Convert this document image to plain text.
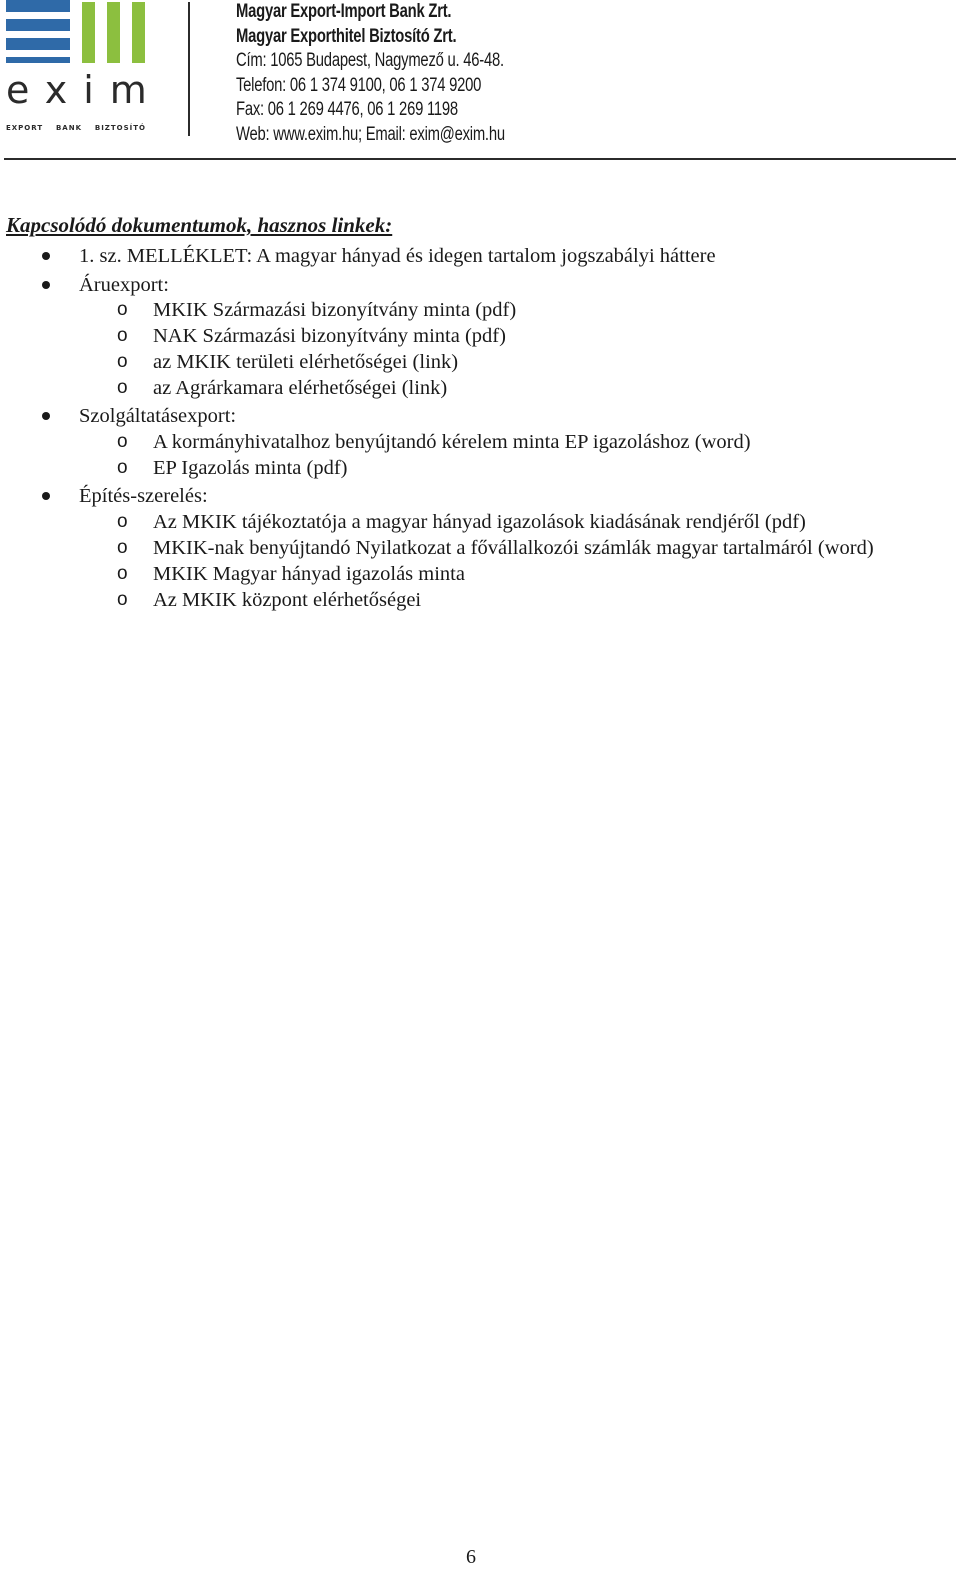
exim
EXPORT BANK BIZTOSÍTÓ
Magyar Export-Import Bank Zrt.
Magyar Exporthitel Biztosító Zrt.
Cím: 1065 Budapest, Nagymező u. 46-48.
Telefon: 06 1 374 9100, 06 1 374 9200
Fax: 06 1 269 4476, 06 1 269 1198
Web: www.exim.hu; Email: exim@exim.hu
Kapcsolódó dokumentumok, hasznos linkek:
1. sz. MELLÉKLET: A magyar hányad és idegen tartalom jogszabályi háttere
Áruexport:
o MKIK Származási bizonyítvány minta (pdf)
o NAK Származási bizonyítvány minta (pdf)
o az MKIK területi elérhetőségei (link)
o az Agrárkamara elérhetőségei (link)
Szolgáltatásexport:
o A kormányhivatalhoz benyújtandó kérelem minta EP igazoláshoz (word)
o EP Igazolás minta (pdf)
Építés-szerelés:
o Az MKIK tájékoztatója a magyar hányad igazolások kiadásának rendjéről (pdf)
o MKIK-nak benyújtandó Nyilatkozat a fővállalkozói számlák magyar tartalmáról (word)
o MKIK Magyar hányad igazolás minta
o Az MKIK központ elérhetőségei
6
